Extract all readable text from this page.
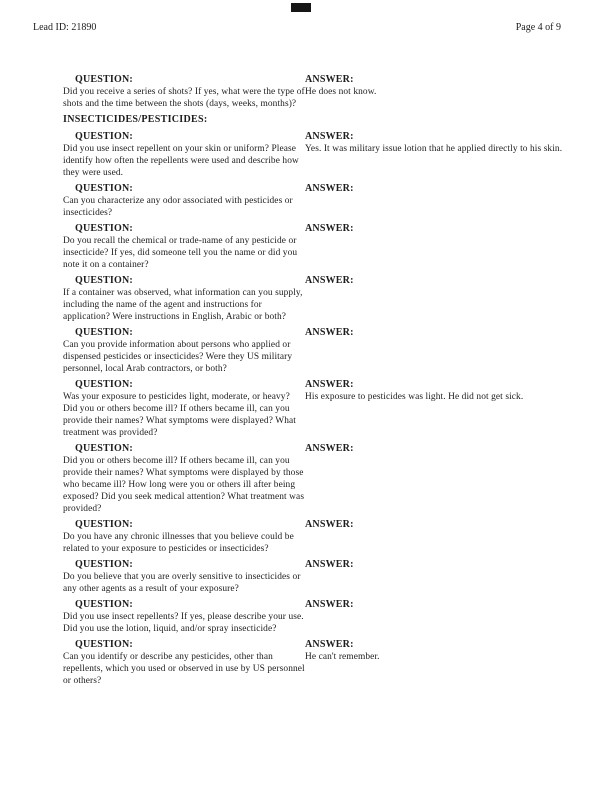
Lead ID: 21890	Page 4 of 9
QUESTION:
Did you receive a series of shots? If yes, what were the type of shots and the time between the shots (days, weeks, months)?
ANSWER:
He does not know.
INSECTICIDES/PESTICIDES:
QUESTION:
Did you use insect repellent on your skin or uniform? Please identify how often the repellents were used and describe how they were used.
ANSWER:
Yes. It was military issue lotion that he applied directly to his skin.
QUESTION:
Can you characterize any odor associated with pesticides or insecticides?
ANSWER:
QUESTION:
Do you recall the chemical or trade-name of any pesticide or insecticide? If yes, did someone tell you the name or did you note it on a container?
ANSWER:
QUESTION:
If a container was observed, what information can you supply, including the name of the agent and instructions for application? Were instructions in English, Arabic or both?
ANSWER:
QUESTION:
Can you provide information about persons who applied or dispensed pesticides or insecticides? Were they US military personnel, local Arab contractors, or both?
ANSWER:
QUESTION:
Was your exposure to pesticides light, moderate, or heavy? Did you or others become ill? If others became ill, can you provide their names? What symptoms were displayed? What treatment was provided?
ANSWER:
His exposure to pesticides was light. He did not get sick.
QUESTION:
Did you or others become ill? If others became ill, can you provide their names? What symptoms were displayed by those who became ill? How long were you or others ill after being exposed? Did you seek medical attention? What treatment was provided?
ANSWER:
QUESTION:
Do you have any chronic illnesses that you believe could be related to your exposure to pesticides or insecticides?
ANSWER:
QUESTION:
Do you believe that you are overly sensitive to insecticides or any other agents as a result of your exposure?
ANSWER:
QUESTION:
Did you use insect repellents? If yes, please describe your use. Did you use the lotion, liquid, and/or spray insecticide?
ANSWER:
QUESTION:
Can you identify or describe any pesticides, other than repellents, which you used or observed in use by US personnel or others?
ANSWER:
He can't remember.
